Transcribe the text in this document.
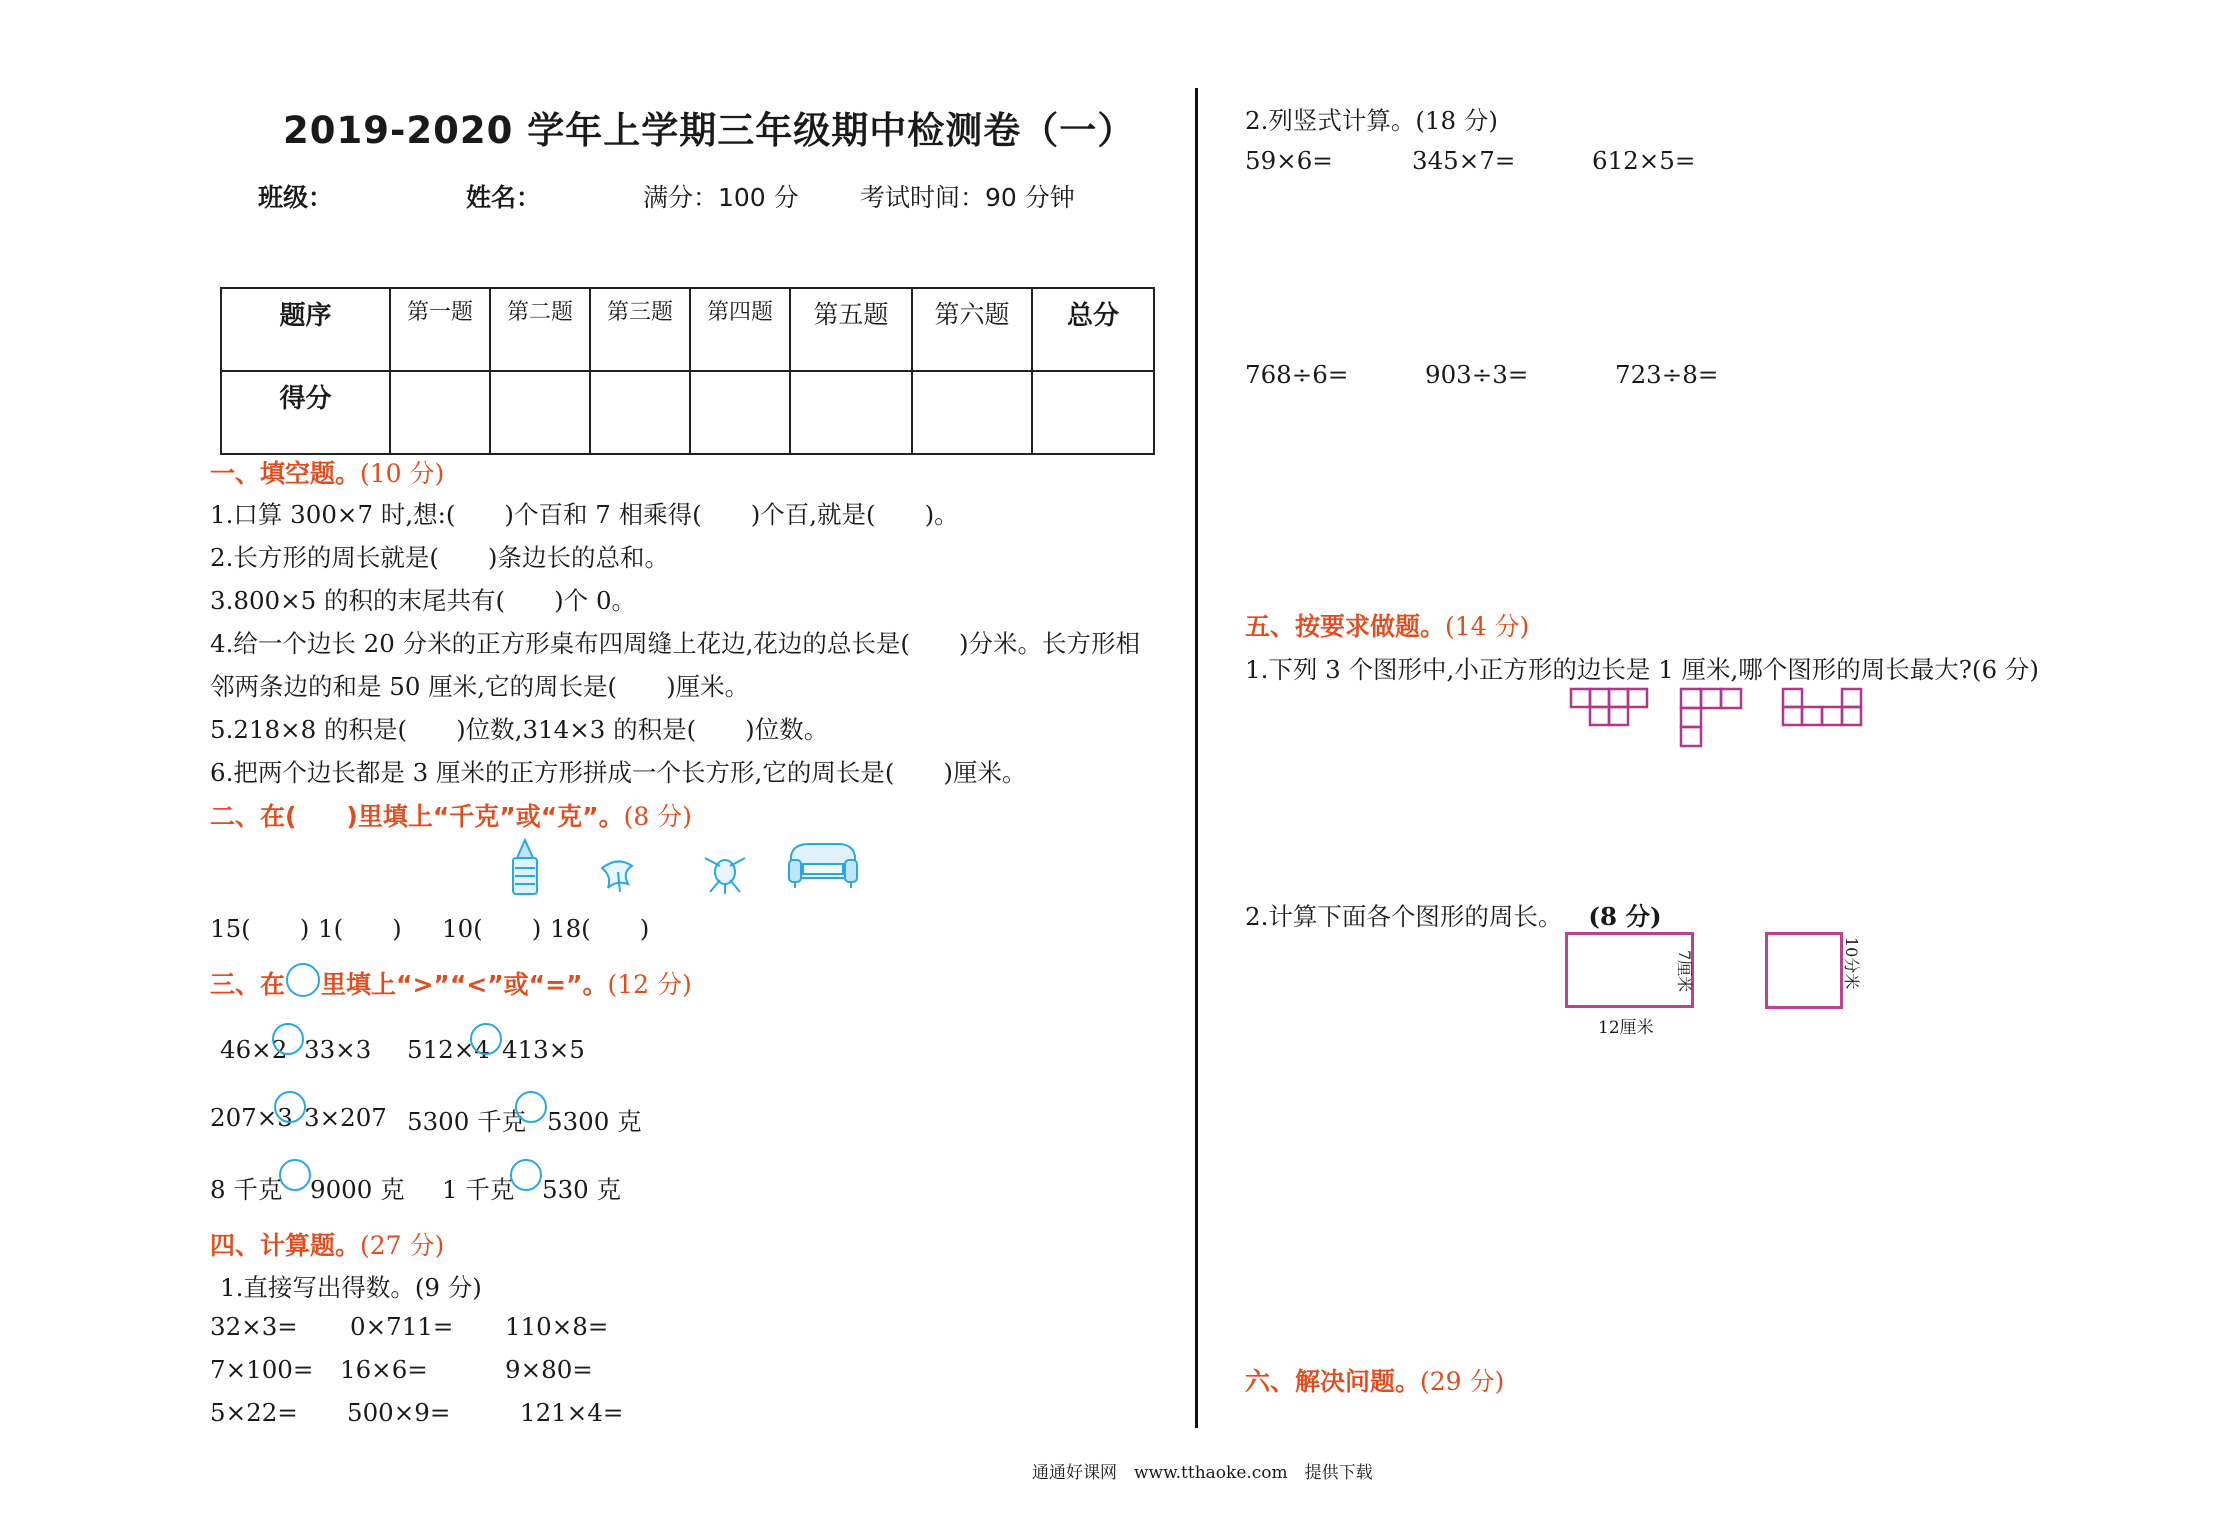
2019-2020 学年上学期三年级期中检测卷（一）
班级：	姓名：	满分：100 分 考试时间：90 分钟
题序	第一题	第二题	第三题	第四题	第五题	第六题	总分
得分							
一、填空题。(10 分)
1.口算 300×7 时,想:(　　)个百和 7 相乘得(　　)个百,就是(　　)。
2.长方形的周长就是(　　)条边长的总和。
3.800×5 的积的末尾共有(　　)个 0。
4.给一个边长 20 分米的正方形桌布四周缝上花边,花边的总长是(　　)分米。长方形相
邻两条边的和是 50 厘米,它的周长是(　　)厘米。
5.218×8 的积是(　　)位数,314×3 的积是(　　)位数。
6.把两个边长都是 3 厘米的正方形拼成一个长方形,它的周长是(　　)厘米。
二、在(　　)里填上“千克”或“克”。(8 分)
15(　　) 1(　　) 10(　　) 18(　　)
三、在 里填上“>”“<”或“=”。(12 分)
46×2 33×3 512×4 413×5
207×3 3×207 5300 千克 5300 克
8 千克 9000 克 1 千克 530 克
四、计算题。(27 分)
1.直接写出得数。(9 分)
32×3= 0×711= 110×8=
7×100= 16×6=	9×80=
5×22= 500×9=	121×4=
2.列竖式计算。(18 分)
59×6=	345×7=	612×5=
768÷6=	903÷3=	723÷8=
五、按要求做题。(14 分)
1.下列 3 个图形中,小正方形的边长是 1 厘米,哪个图形的周长最大?(6 分)
2.计算下面各个图形的周长。 (8 分)
7厘米
12厘米
10分米
六、解决问题。(29 分)
通通好课网　www.tthaoke.com　提供下载
